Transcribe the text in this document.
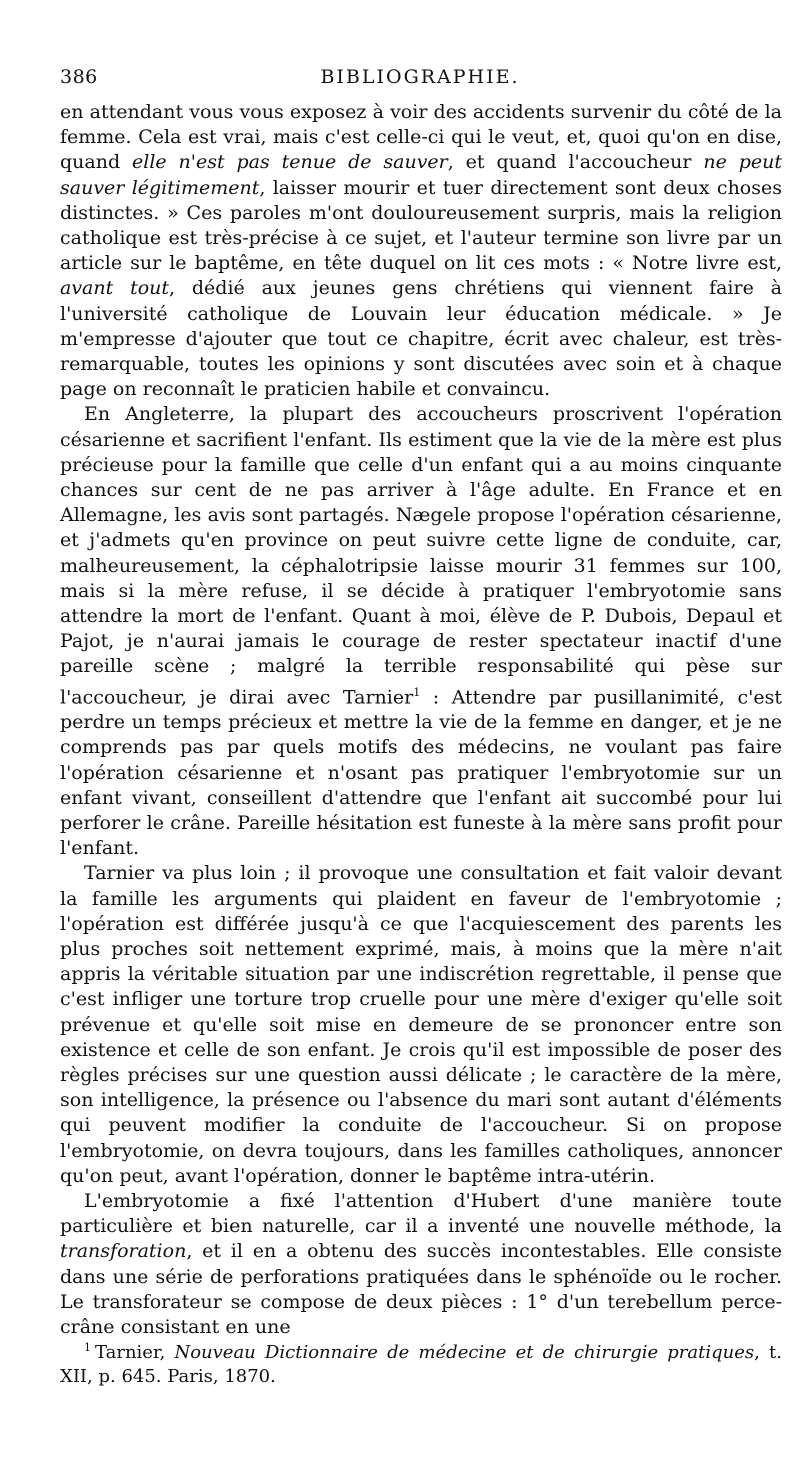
386	BIBLIOGRAPHIE.

en attendant vous vous exposez à voir des accidents survenir du côté de la femme. Cela est vrai, mais c'est celle-ci qui le veut, et, quoi qu'on en dise, quand elle n'est pas tenue de sauver, et quand l'accoucheur ne peut sauver légitimement, laisser mourir et tuer directement sont deux choses distinctes. » Ces paroles m'ont douloureusement surpris, mais la religion catholique est très-précise à ce sujet, et l'auteur termine son livre par un article sur le baptême, en tête duquel on lit ces mots : « Notre livre est, avant tout, dédié aux jeunes gens chrétiens qui viennent faire à l'université catholique de Louvain leur éducation médicale. » Je m'empresse d'ajouter que tout ce chapitre, écrit avec chaleur, est très-remarquable, toutes les opinions y sont discutées avec soin et à chaque page on reconnaît le praticien habile et convaincu.

En Angleterre, la plupart des accoucheurs proscrivent l'opération césarienne et sacrifient l'enfant. Ils estiment que la vie de la mère est plus précieuse pour la famille que celle d'un enfant qui a au moins cinquante chances sur cent de ne pas arriver à l'âge adulte. En France et en Allemagne, les avis sont partagés. Nægele propose l'opération césarienne, et j'admets qu'en province on peut suivre cette ligne de conduite, car, malheureusement, la céphalotripsie laisse mourir 31 femmes sur 100, mais si la mère refuse, il se décide à pratiquer l'embryotomie sans attendre la mort de l'enfant. Quant à moi, élève de P. Dubois, Depaul et Pajot, je n'aurai jamais le courage de rester spectateur inactif d'une pareille scène ; malgré la terrible responsabilité qui pèse sur l'accoucheur, je dirai avec Tarnier$^1$ : Attendre par pusillanimité, c'est perdre un temps précieux et mettre la vie de la femme en danger, et je ne comprends pas par quels motifs des médecins, ne voulant pas faire l'opération césarienne et n'osant pas pratiquer l'embryotomie sur un enfant vivant, conseillent d'attendre que l'enfant ait succombé pour lui perforer le crâne. Pareille hésitation est funeste à la mère sans profit pour l'enfant.

Tarnier va plus loin ; il provoque une consultation et fait valoir devant la famille les arguments qui plaident en faveur de l'embryotomie ; l'opération est différée jusqu'à ce que l'acquiescement des parents les plus proches soit nettement exprimé, mais, à moins que la mère n'ait appris la véritable situation par une indiscrétion regrettable, il pense que c'est infliger une torture trop cruelle pour une mère d'exiger qu'elle soit prévenue et qu'elle soit mise en demeure de se prononcer entre son existence et celle de son enfant. Je crois qu'il est impossible de poser des règles précises sur une question aussi délicate ; le caractère de la mère, son intelligence, la présence ou l'absence du mari sont autant d'éléments qui peuvent modifier la conduite de l'accoucheur. Si on propose l'embryotomie, on devra toujours, dans les familles catholiques, annoncer qu'on peut, avant l'opération, donner le baptême intra-utérin.

L'embryotomie a fixé l'attention d'Hubert d'une manière toute particulière et bien naturelle, car il a inventé une nouvelle méthode, la transforation, et il en a obtenu des succès incontestables. Elle consiste dans une série de perforations pratiquées dans le sphénoïde ou le rocher. Le transforateur se compose de deux pièces : 1° d'un terebellum perce-crâne consistant en une

$^1$ Tarnier, Nouveau Dictionnaire de médecine et de chirurgie pratiques, t. XII, p. 645. Paris, 1870.
